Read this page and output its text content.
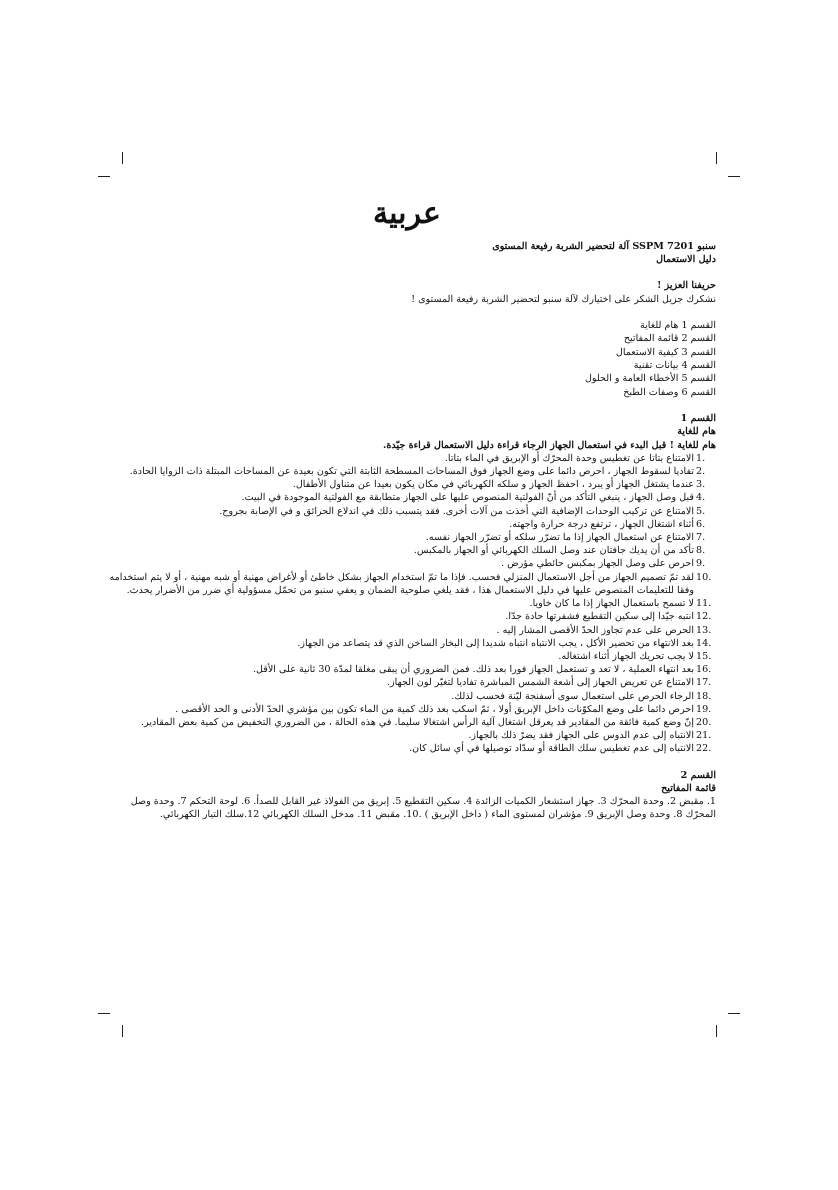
عربية
سنبو SSPM 7201 آلة لتحضير الشربة رفيعة المستوى
دليل الاستعمال
حريفنا العزيز !
نشكرك جزيل الشكر على اختيارك لآلة سنبو لتحضير الشربة رفيعة المستوى !
القسم 1 هام للغاية
القسم 2 قائمة المفاتيح
القسم 3 كيفية الاستعمال
القسم 4 بيانات تقنية
القسم 5 الأخطاء العامة و الحلول
القسم 6 وصفات الطبخ
القسم 1
هام للغاية
هام للغاية ! قبل البدء في استعمال الجهاز الرجاء قراءة دليل الاستعمال قراءة جيّدة.
1.
الامتناع بتاتا عن تغطيس وحدة المحرّك أو الإبريق في الماء بتاتا.
2.
تفاديا لسقوط الجهاز ، احرص دائما على وضع الجهاز فوق المساحات المسطحة الثابتة التي تكون بعيدة عن المساحات المبتلة ذات الزوايا الحادة.
3.
عندما يشتغل الجهاز أو يبرد ، احفظ الجهاز و سلكه الكهربائي في مكان يكون بعيدا عن متناول الأطفال.
4.
قبل وصل الجهاز ، ينبغي التأكد من أنّ الفولتية المنصوص عليها على الجهاز متطابقة مع الفولتية الموجودة في البيت.
5.
الامتناع عن تركيب الوحدات الإضافية التي أخذت من آلات أخرى. فقد يتسبب ذلك في اندلاع الحرائق و في الإصابة بجروح.
6.
أثناء اشتغال الجهاز ، ترتفع درجة حرارة واجهته.
7.
الامتناع عن استعمال الجهاز إذا ما تضرّر سلكه أو تضرّر الجهاز نفسه.
8.
تأكد من أن يديك جافتان عند وصل السلك الكهربائي أو الجهاز بالمكبس.
9.
احرص على وصل الجهاز بمكبس حائطي مؤرض .
10.
لقد تمّ تصميم الجهاز من أجل الاستعمال المنزلي فحسب. فإذا ما تمّ استخدام الجهاز بشكل خاطئ أو لأغراض مهنية أو شبه مهنية ، أو لا يتم استخدامه وفقا للتعليمات المنصوص عليها في دليل الاستعمال هذا ، فقد يلغي صلوحية الضمان و يعفي سنبو من تحمّل مسؤولية أي ضرر من الأضرار يحدث.
11.
لا تسمح باستعمال الجهاز إذا ما كان خاويا.
12.
انتبه جيّدا إلى سكين التقطيع فشفرتها حادة جدّا.
13.
الحرص على عدم تجاوز الحدّ الأقصى المشار إليه .
14.
بعد الانتهاء من تحضير الأكل ، يجب الانتباه انتباه شديدا إلى البخار الساخن الذي قد يتصاعد من الجهاز.
15.
لا يجب تحريك الجهاز أثناء اشتغاله.
16.
بعد انتهاء العملية ، لا تعد و تستعمل الجهاز فورا بعد ذلك. فمن الضروري أن يبقى مغلقا لمدّة 30 ثانية على الأقل.
17.
الامتناع عن تعريض الجهاز إلى أشعة الشمس المباشرة تفاديا لتغيّر لون الجهاز.
18.
الرجاء الحرص على استعمال سوى أسفنجة ليّنة فحسب لذلك.
19.
احرص دائما على وضع المكوّنات داخل الإبريق أولا ، ثمّ اسكب بعد ذلك كمية من الماء تكون بين مؤشري الحدّ الأدنى و الحد الأقصى .
20.
إنّ وضع كمية فائقة من المقادير قد يعرقل اشتغال آلية الرأس اشتغالا سليما. في هذه الحالة ، من الضروري التخفيض من كمية بعض المقادير.
21.
الانتباه إلى عدم الدوس على الجهاز فقد يضرّ ذلك بالجهاز.
22.
الانتباه إلى عدم تغطيس سلك الطاقة أو سدّاد توصيلها في أي سائل كان.
القسم 2
قائمة المفاتيح
1. مقبض 2. وحدة المحرّك 3. جهاز استشعار الكميات الزائدة 4. سكين التقطيع 5. إبريق من الفولاذ غير القابل للصدأ. 6. لوحة التحكم 7. وحدة وصل المحرّك 8. وحدة وصل الإبريق 9. مؤشران لمستوى الماء ( داخل الإبريق ) .10. مقبض 11. مدخل السلك الكهربائي 12.سلك التيار الكهربائي.
